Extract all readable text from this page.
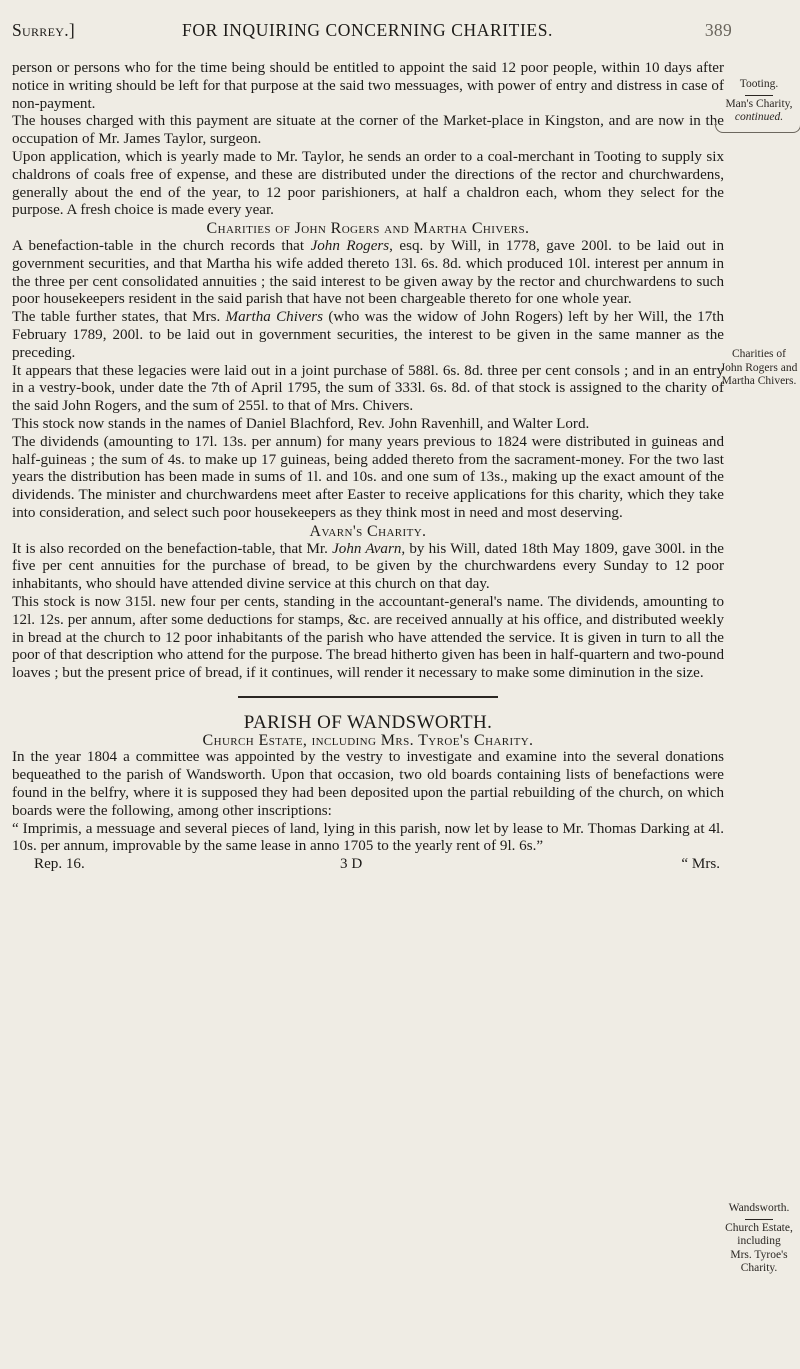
Surrey.]	FOR INQUIRING CONCERNING CHARITIES.	389

person or persons who for the time being should be entitled to appoint the said 12 poor people, within 10 days after notice in writing should be left for that purpose at the said two messuages, with power of entry and distress in case of non-payment.

The houses charged with this payment are situate at the corner of the Market-place in Kingston, and are now in the occupation of Mr. James Taylor, surgeon.

Upon application, which is yearly made to Mr. Taylor, he sends an order to a coal-merchant in Tooting to supply six chaldrons of coals free of expense, and these are distributed under the directions of the rector and churchwardens, generally about the end of the year, to 12 poor parishioners, at half a chaldron each, whom they select for the purpose. A fresh choice is made every year.

Charities of John Rogers and Martha Chivers.

A benefaction-table in the church records that John Rogers, esq. by Will, in 1778, gave 200l. to be laid out in government securities, and that Martha his wife added thereto 13l. 6s. 8d. which produced 10l. interest per annum in the three per cent consolidated annuities ; the said interest to be given away by the rector and churchwardens to such poor housekeepers resident in the said parish that have not been chargeable thereto for one whole year.

The table further states, that Mrs. Martha Chivers (who was the widow of John Rogers) left by her Will, the 17th February 1789, 200l. to be laid out in government securities, the interest to be given in the same manner as the preceding.

It appears that these legacies were laid out in a joint purchase of 588l. 6s. 8d. three per cent consols ; and in an entry in a vestry-book, under date the 7th of April 1795, the sum of 333l. 6s. 8d. of that stock is assigned to the charity of the said John Rogers, and the sum of 255l. to that of Mrs. Chivers.

This stock now stands in the names of Daniel Blachford, Rev. John Ravenhill, and Walter Lord.

The dividends (amounting to 17l. 13s. per annum) for many years previous to 1824 were distributed in guineas and half-guineas ; the sum of 4s. to make up 17 guineas, being added thereto from the sacrament-money. For the two last years the distribution has been made in sums of 1l. and 10s. and one sum of 13s., making up the exact amount of the dividends. The minister and churchwardens meet after Easter to receive applications for this charity, which they take into consideration, and select such poor housekeepers as they think most in need and most deserving.

Avarn's Charity.

It is also recorded on the benefaction-table, that Mr. John Avarn, by his Will, dated 18th May 1809, gave 300l. in the five per cent annuities for the purchase of bread, to be given by the churchwardens every Sunday to 12 poor inhabitants, who should have attended divine service at this church on that day.

This stock is now 315l. new four per cents, standing in the accountant-general's name. The dividends, amounting to 12l. 12s. per annum, after some deductions for stamps, &c. are received annually at his office, and distributed weekly in bread at the church to 12 poor inhabitants of the parish who have attended the service. It is given in turn to all the poor of that description who attend for the purpose. The bread hitherto given has been in half-quartern and two-pound loaves ; but the present price of bread, if it continues, will render it necessary to make some diminution in the size.

PARISH OF WANDSWORTH.

Church Estate, including Mrs. Tyroe's Charity.

In the year 1804 a committee was appointed by the vestry to investigate and examine into the several donations bequeathed to the parish of Wandsworth. Upon that occasion, two old boards containing lists of benefactions were found in the belfry, where it is supposed they had been deposited upon the partial rebuilding of the church, on which boards were the following, among other inscriptions:

“ Imprimis, a messuage and several pieces of land, lying in this parish, now let by lease to Mr. Thomas Darking at 4l. 10s. per annum, improvable by the same lease in anno 1705 to the yearly rent of 9l. 6s.”

Rep. 16.	3 D	“ Mrs.
Tooting.
Man's Charity,
continued.
Charities of
John Rogers and
Martha Chivers.
Wandsworth.
Church Estate,
including
Mrs. Tyroe's
Charity.
